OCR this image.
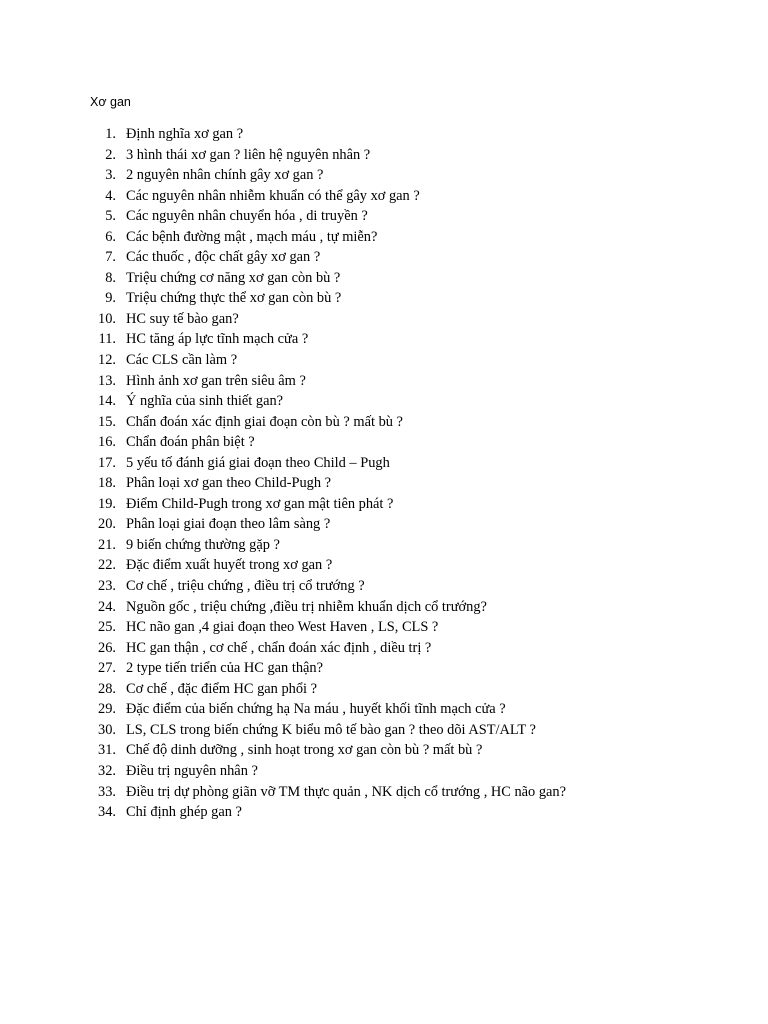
Xơ gan
1. Định nghĩa xơ gan ?
2. 3 hình thái xơ gan ? liên hệ nguyên nhân ?
3. 2 nguyên nhân chính gây xơ gan ?
4. Các nguyên nhân nhiễm khuẩn có thể gây xơ gan ?
5. Các nguyên nhân chuyển hóa , di truyền ?
6. Các bệnh đường mật , mạch máu , tự miễn?
7. Các thuốc , độc chất gây xơ gan ?
8. Triệu chứng cơ năng xơ gan còn bù ?
9. Triệu chứng thực thể xơ gan còn bù ?
10. HC suy tế bào gan?
11. HC tăng áp lực tĩnh mạch cửa ?
12. Các CLS cần làm ?
13. Hình ảnh xơ gan trên siêu âm ?
14. Ý nghĩa của sinh thiết gan?
15. Chẩn đoán xác định giai đoạn còn bù ? mất bù ?
16. Chẩn đoán phân biệt ?
17. 5 yếu tố đánh giá giai đoạn theo Child – Pugh
18. Phân loại xơ gan theo Child-Pugh ?
19. Điểm Child-Pugh trong xơ gan mật tiên phát ?
20. Phân loại giai đoạn theo lâm sàng ?
21. 9 biến chứng thường gặp ?
22. Đặc điểm xuất huyết trong xơ gan ?
23. Cơ chế , triệu chứng , điều trị cổ trướng ?
24. Nguồn gốc , triệu chứng ,điều trị nhiễm khuẩn dịch cổ trướng?
25. HC não gan ,4 giai đoạn theo West Haven , LS, CLS ?
26. HC gan thận , cơ chế , chẩn đoán xác định , diều trị ?
27. 2 type tiến triển của HC gan thận?
28. Cơ chế , đặc điểm HC gan phổi ?
29. Đặc điểm của biến chứng hạ Na máu , huyết khối tĩnh mạch cửa ?
30. LS, CLS trong biến chứng K biểu mô tế bào gan ? theo dõi AST/ALT ?
31. Chế độ dinh dưỡng , sinh hoạt trong xơ gan còn bù ? mất bù ?
32. Điều trị nguyên nhân ?
33. Điều trị dự phòng giãn vỡ TM thực quản , NK dịch cổ trướng , HC não gan?
34. Chỉ định ghép gan ?
